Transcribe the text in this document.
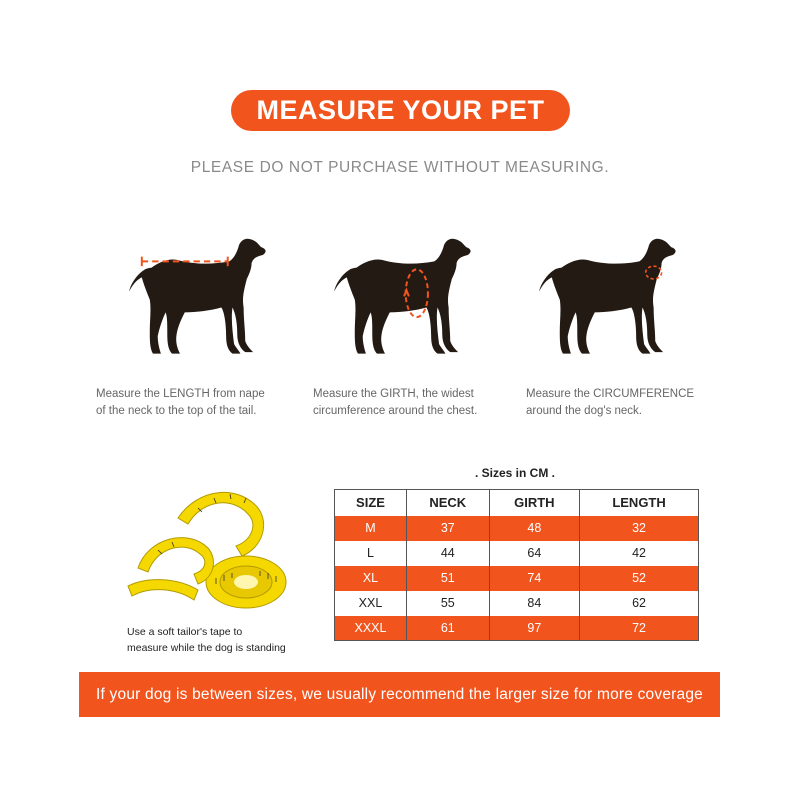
MEASURE YOUR PET
PLEASE DO NOT PURCHASE WITHOUT MEASURING.
Measure the LENGTH from nape
of the neck to the top of the tail.
Measure the GIRTH, the widest
circumference around the chest.
Measure the CIRCUMFERENCE
around the dog's neck.
Use a soft tailor's tape to
measure while the dog is standing
. Sizes in CM .
SIZE	NECK	GIRTH	LENGTH
M	37	48	32
L	44	64	42
XL	51	74	52
XXL	55	84	62
XXXL	61	97	72
If your dog is between sizes, we usually recommend the larger size for more coverage
